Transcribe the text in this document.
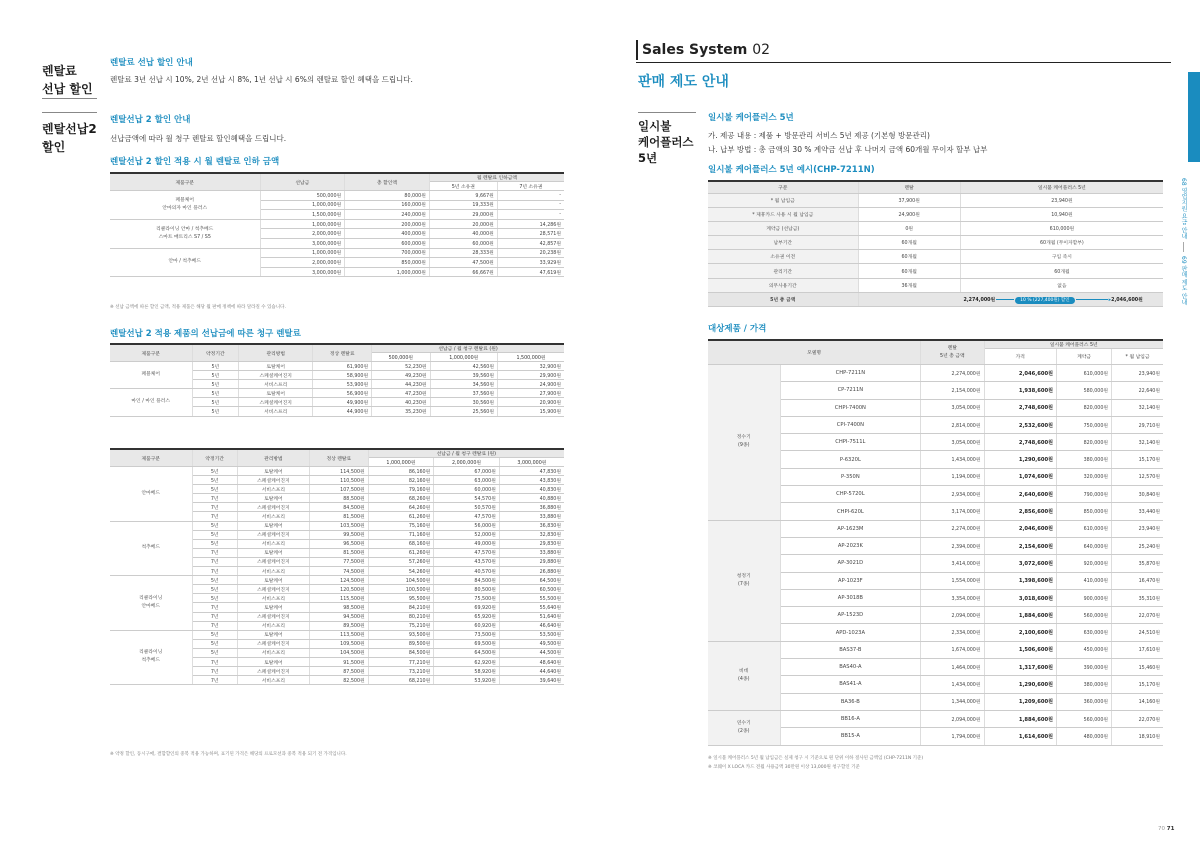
렌탈료
선납 할인
렌탈료 선납 할인 안내
렌탈료 3년 선납 시 10%, 2년 선납 시 8%, 1년 선납 시 6%의 렌탈료 할인 혜택을 드립니다.
렌탈선납2
할인
렌탈선납 2 할인 안내
선납금액에 따라 월 청구 렌탈료 할인혜택을 드립니다.
렌탈선납 2 할인 적용 시 월 렌탈료 인하 금액
제품구분	선납금	총 할인액	월 렌탈료 인하금액	
			5년 소유권	7년 소유권
페블체어
안마의자 마인 플러스	500,000원	80,000원	9,667원	-
	1,000,000원	160,000원	19,333원	-
	1,500,000원	240,000원	29,000원	-
리클라이닝 안마 / 척추베드
스마트 매트리스 S7 / S5	1,000,000원	200,000원	20,000원	14,286원
	2,000,000원	400,000원	40,000원	28,571원
	3,000,000원	600,000원	60,000원	42,857원
안마 / 척추베드	1,000,000원	700,000원	28,333원	20,238원
	2,000,000원	850,000원	47,500원	33,929원
	3,000,000원	1,000,000원	66,667원	47,619원
※ 선납 금액에 따른 할인 금액, 적용 제품은 해당 월 판매 정책에 따라 달라질 수 있습니다.
렌탈선납 2 적용 제품의 선납금에 따른 청구 렌탈료
제품구분	약정기간	관리방법	정상 렌탈료	선납금 / 월 청구 렌탈료 (원)		
				500,000원	1,000,000원	1,500,000원
페블체어	5년	토탈케어	61,900원	52,230원	42,560원	32,900원
	5년	스페셜케어진지	58,900원	49,230원	39,560원	29,900원
	5년	서비스프리	53,900원	44,230원	34,560원	24,900원
마인 / 마인 플러스	5년	토탈케어	56,900원	47,230원	37,560원	27,900원
	5년	스페셜케어진지	49,900원	40,230원	30,560원	20,900원
	5년	서비스프리	44,900원	35,230원	25,560원	15,900원
제품구분	약정기간	관리방법	정상 렌탈료	선납금 / 월 청구 렌탈료 (원)		
				1,000,000원	2,000,000원	3,000,000원
안마베드	5년	토탈케어	114,500원	86,160원	67,000원	47,830원
	5년	스페셜케어진지	110,500원	82,160원	63,000원	43,830원
	5년	서비스프리	107,500원	79,160원	60,000원	40,830원
	7년	토탈케어	88,500원	68,260원	54,570원	40,880원
	7년	스페셜케어진지	84,500원	64,260원	50,570원	36,880원
	7년	서비스프리	81,500원	61,260원	47,570원	33,880원
척추베드	5년	토탈케어	103,500원	75,160원	56,000원	36,830원
	5년	스페셜케어진지	99,500원	71,160원	52,000원	32,830원
	5년	서비스프리	96,500원	68,160원	49,000원	29,830원
	7년	토탈케어	81,500원	61,260원	47,570원	33,880원
	7년	스페셜케어진지	77,500원	57,260원	43,570원	29,880원
	7년	서비스프리	74,500원	54,260원	40,570원	26,880원
리클라이닝
안마베드	5년	토탈케어	124,500원	104,500원	84,500원	64,500원
	5년	스페셜케어진지	120,500원	100,500원	80,500원	60,500원
	5년	서비스프리	115,500원	95,500원	75,500원	55,500원
	7년	토탈케어	98,500원	84,210원	69,920원	55,640원
	7년	스페셜케어진지	94,500원	80,210원	65,920원	51,640원
	7년	서비스프리	89,500원	75,210원	60,920원	46,640원
리클라이닝
척추베드	5년	토탈케어	113,500원	93,500원	73,500원	53,500원
	5년	스페셜케어진지	109,500원	89,500원	69,500원	49,500원
	5년	서비스프리	104,500원	84,500원	64,500원	44,500원
	7년	토탈케어	91,500원	77,210원	62,920원	48,640원
	7년	스페셜케어진지	87,500원	73,210원	58,920원	44,640원
	7년	서비스프리	82,500원	68,210원	53,920원	39,640원
※ 약정 할인, 동시구매, 결합할인의 중복 적용 가능하며, 표기된 가격은 해당의 프로모션과 중복 적용 되기 전 가격입니다.
Sales System 02
판매 제도 안내
일시불
케어플러스
5년
일시불 케어플러스 5년
가. 제공 내용 : 제품 + 방문관리 서비스 5년 제공 (기본형 방문관리)
나. 납부 방법 : 총 금액의 30 % 계약금 선납 후 나머지 금액 60개월 무이자 할부 납부
일시불 케어플러스 5년 예시(CHP-7211N)
구분	렌탈	일시불 케어플러스 5년
* 월 납입금	37,900원	23,940원
* 제휴카드 사용 시 월 납입금	24,900원	10,940원
계약금 (선납금)	0원	610,000원
납부기간	60개월	60개월 (무이자할부)
소유권 이전	60개월	구입 즉시
관리기간	60개월	60개월
의무사용기간	36개월	없음
5년 총 금액	2,274,000원 10 % (227,400원) 할인 ▸2,046,600원	
대상제품 / 가격
모델명		렌탈
5년 총 금액	일시불 케어플러스 5년		
			가격	계약금	* 월 납입금
정수기
(9종)	CHP-7211N	2,274,000원	2,046,600원	610,000원	23,940원
	CP-7211N	2,154,000원	1,938,600원	580,000원	22,640원
	CHPI-7400N	3,054,000원	2,748,600원	820,000원	32,140원
	CPI-7400N	2,814,000원	2,532,600원	750,000원	29,710원
	CHPI-7511L	3,054,000원	2,748,600원	820,000원	32,140원
	P-6320L	1,434,000원	1,290,600원	380,000원	15,170원
	P-350N	1,194,000원	1,074,600원	320,000원	12,570원
	CHP-5720L	2,934,000원	2,640,600원	790,000원	30,840원
	CHPI-620L	3,174,000원	2,856,600원	850,000원	33,440원
청정기
(7종)	AP-1623M	2,274,000원	2,046,600원	610,000원	23,940원
	AP-2023K	2,394,000원	2,154,600원	640,000원	25,240원
	AP-3021D	3,414,000원	3,072,600원	920,000원	35,870원
	AP-1023F	1,554,000원	1,398,600원	410,000원	16,470원
	AP-3018B	3,354,000원	3,018,600원	900,000원	35,310원
	AP-1523D	2,094,000원	1,884,600원	560,000원	22,070원
	APD-1023A	2,334,000원	2,100,600원	630,000원	24,510원
비데
(4종)	BAS37-B	1,674,000원	1,506,600원	450,000원	17,610원
	BAS40-A	1,464,000원	1,317,600원	390,000원	15,460원
	BAS41-A	1,434,000원	1,290,600원	380,000원	15,170원
	BA36-B	1,344,000원	1,209,600원	360,000원	14,160원
연수기
(2종)	BB16-A	2,094,000원	1,884,600원	560,000원	22,070원
	BB15-A	1,794,000원	1,614,600원	480,000원	18,910원
※ 일시불 케어플러스 5년 월 납입금은 실제 청구 시 기준으로 원 단위 이하 절사된 금액임 (CHP-7211N 기준)
※ 코웨이 X LOCA 카드 전월 사용금액 30만원 이상 13,000원 청구할인 기준
렌탈선납 / 판매제도
68 영업지원 요금 안내
69 판매 제도 안내
70 71
